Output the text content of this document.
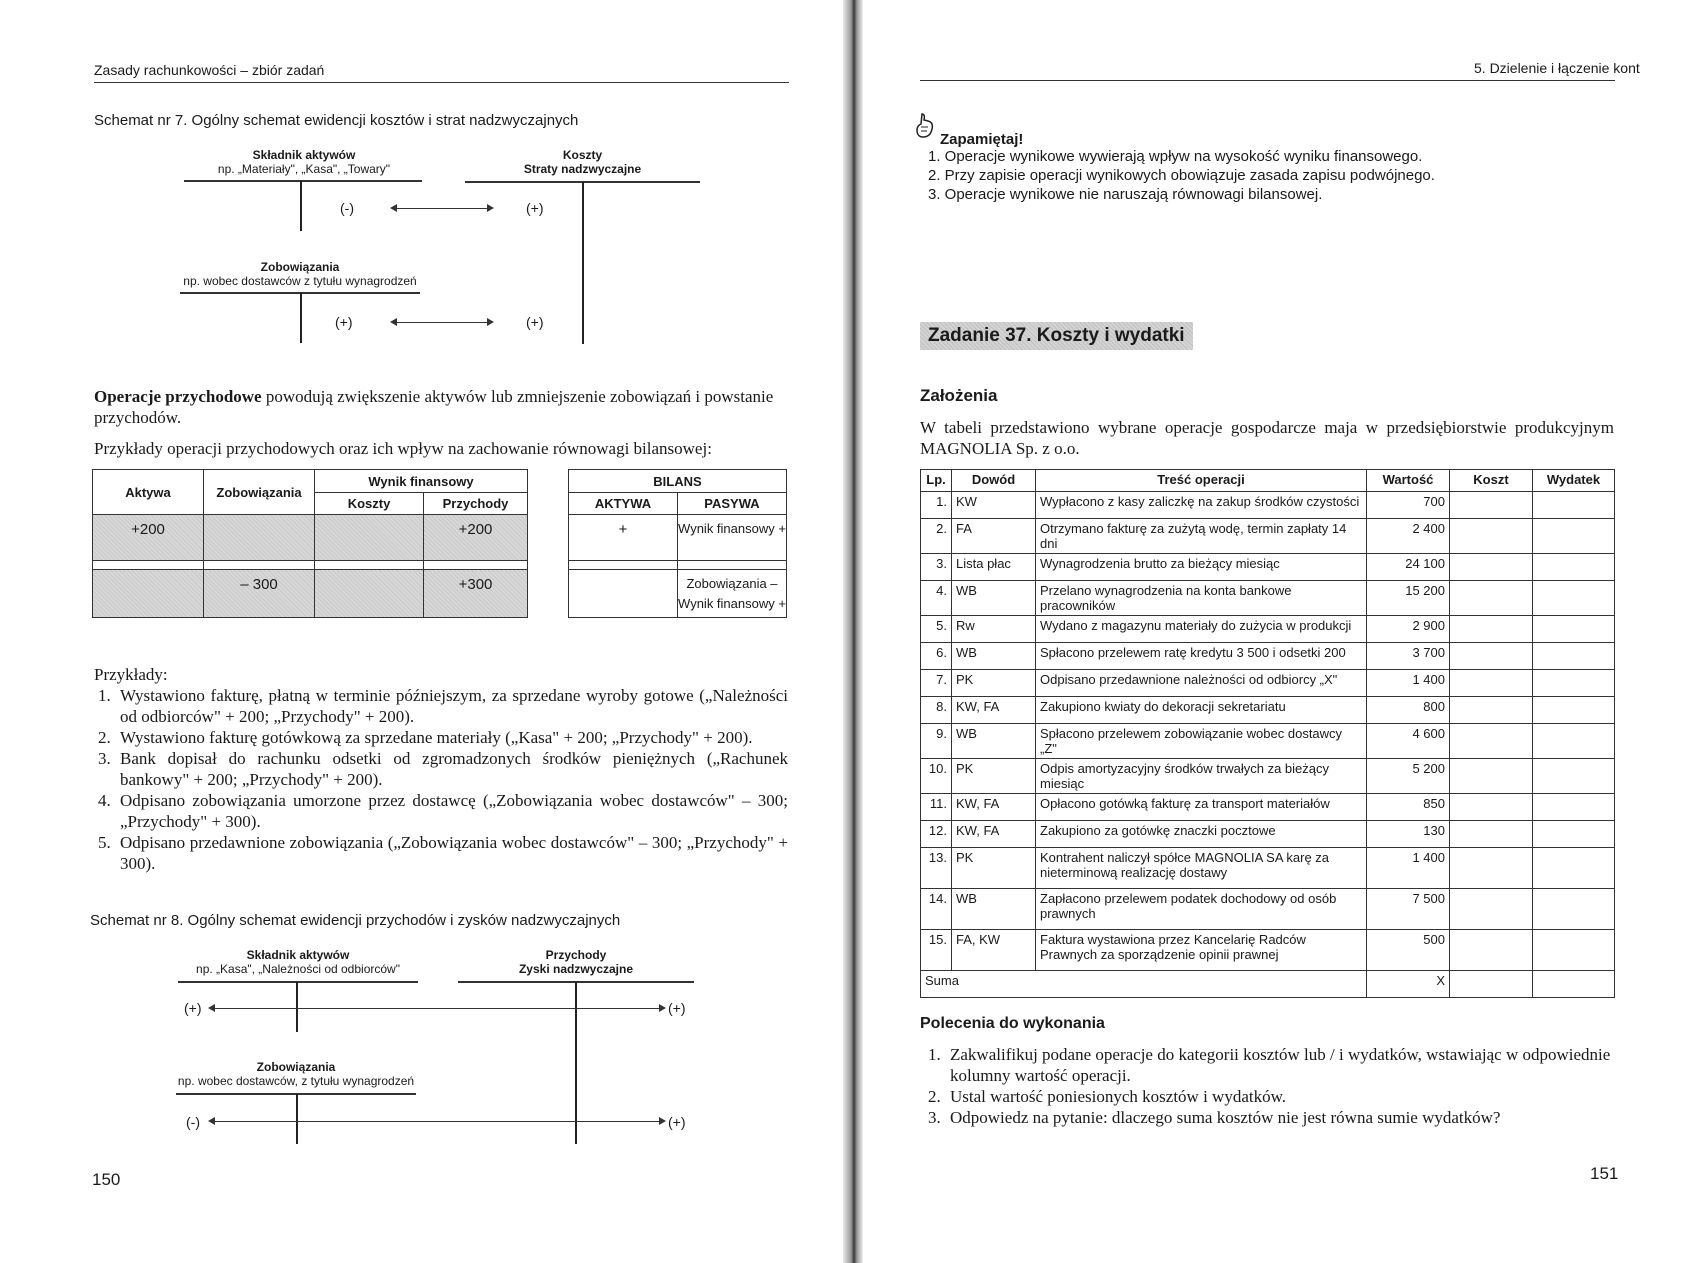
Zasady rachunkowości – zbiór zadań
Schemat nr 7. Ogólny schemat ewidencji kosztów i strat nadzwyczajnych
Składnik aktywów
np. „Materiały", „Kasa", „Towary"
Koszty
Straty nadzwyczajne
(-)	(+)
Zobowiązania
np. wobec dostawców z tytułu wynagrodzeń
(+)	(+)
Operacje przychodowe powodują zwiększenie aktywów lub zmniejszenie zobowiązań i powstanie przychodów.
Przykłady operacji przychodowych oraz ich wpływ na zachowanie równowagi bilansowej:
Aktywa	Zobowiązania	Wynik finansowy	
		Koszty	Przychody
+200			+200

	– 300		+300
BILANS	
AKTYWA	PASYWA
+	Wynik finansowy +

	Zobowiązania –
Wynik finansowy +
Przykłady:
1. Wystawiono fakturę, płatną w terminie późniejszym, za sprzedane wyroby gotowe („Należności od odbiorców" + 200; „Przychody" + 200).
2. Wystawiono fakturę gotówkową za sprzedane materiały („Kasa" + 200; „Przychody" + 200).
3. Bank dopisał do rachunku odsetki od zgromadzonych środków pieniężnych („Rachunek bankowy" + 200; „Przychody" + 200).
4. Odpisano zobowiązania umorzone przez dostawcę („Zobowiązania wobec dostawców" – 300; „Przychody" + 300).
5. Odpisano przedawnione zobowiązania („Zobowiązania wobec dostawców" – 300; „Przychody" + 300).
Schemat nr 8. Ogólny schemat ewidencji przychodów i zysków nadzwyczajnych
Składnik aktywów
np. „Kasa", „Należności od odbiorców"
Przychody
Zyski nadzwyczajne
(+)	(+)
Zobowiązania
np. wobec dostawców, z tytułu wynagrodzeń
(-)	(+)
150
5. Dzielenie i łączenie kont
Zapamiętaj!
1. Operacje wynikowe wywierają wpływ na wysokość wyniku finansowego.
2. Przy zapisie operacji wynikowych obowiązuje zasada zapisu podwójnego.
3. Operacje wynikowe nie naruszają równowagi bilansowej.
Zadanie 37. Koszty i wydatki
Założenia
W tabeli przedstawiono wybrane operacje gospodarcze maja w przedsiębiorstwie produkcyjnym MAGNOLIA Sp. z o.o.
Lp.	Dowód	Treść operacji	Wartość	Koszt	Wydatek
1.	KW	Wypłacono z kasy zaliczkę na zakup środków czystości	700		
2.	FA	Otrzymano fakturę za zużytą wodę, termin zapłaty 14 dni	2 400		
3.	Lista płac	Wynagrodzenia brutto za bieżący miesiąc	24 100		
4.	WB	Przelano wynagrodzenia na konta bankowe pracowników	15 200		
5.	Rw	Wydano z magazynu materiały do zużycia w produkcji	2 900		
6.	WB	Spłacono przelewem ratę kredytu 3 500 i odsetki 200	3 700		
7.	PK	Odpisano przedawnione należności od odbiorcy „X"	1 400		
8.	KW, FA	Zakupiono kwiaty do dekoracji sekretariatu	800		
9.	WB	Spłacono przelewem zobowiązanie wobec dostawcy „Z"	4 600		
10.	PK	Odpis amortyzacyjny środków trwałych za bieżący miesiąc	5 200		
11.	KW, FA	Opłacono gotówką fakturę za transport materiałów	850		
12.	KW, FA	Zakupiono za gotówkę znaczki pocztowe	130		
13.	PK	Kontrahent naliczył spółce MAGNOLIA SA karę za nieterminową realizację dostawy	1 400		
14.	WB	Zapłacono przelewem podatek dochodowy od osób prawnych	7 500		
15.	FA, KW	Faktura wystawiona przez Kancelarię Radców Prawnych za sporządzenie opinii prawnej	500		
Suma			X		
Polecenia do wykonania
1. Zakwalifikuj podane operacje do kategorii kosztów lub / i wydatków, wstawiając w odpowiednie kolumny wartość operacji.
2. Ustal wartość poniesionych kosztów i wydatków.
3. Odpowiedz na pytanie: dlaczego suma kosztów nie jest równa sumie wydatków?
151
